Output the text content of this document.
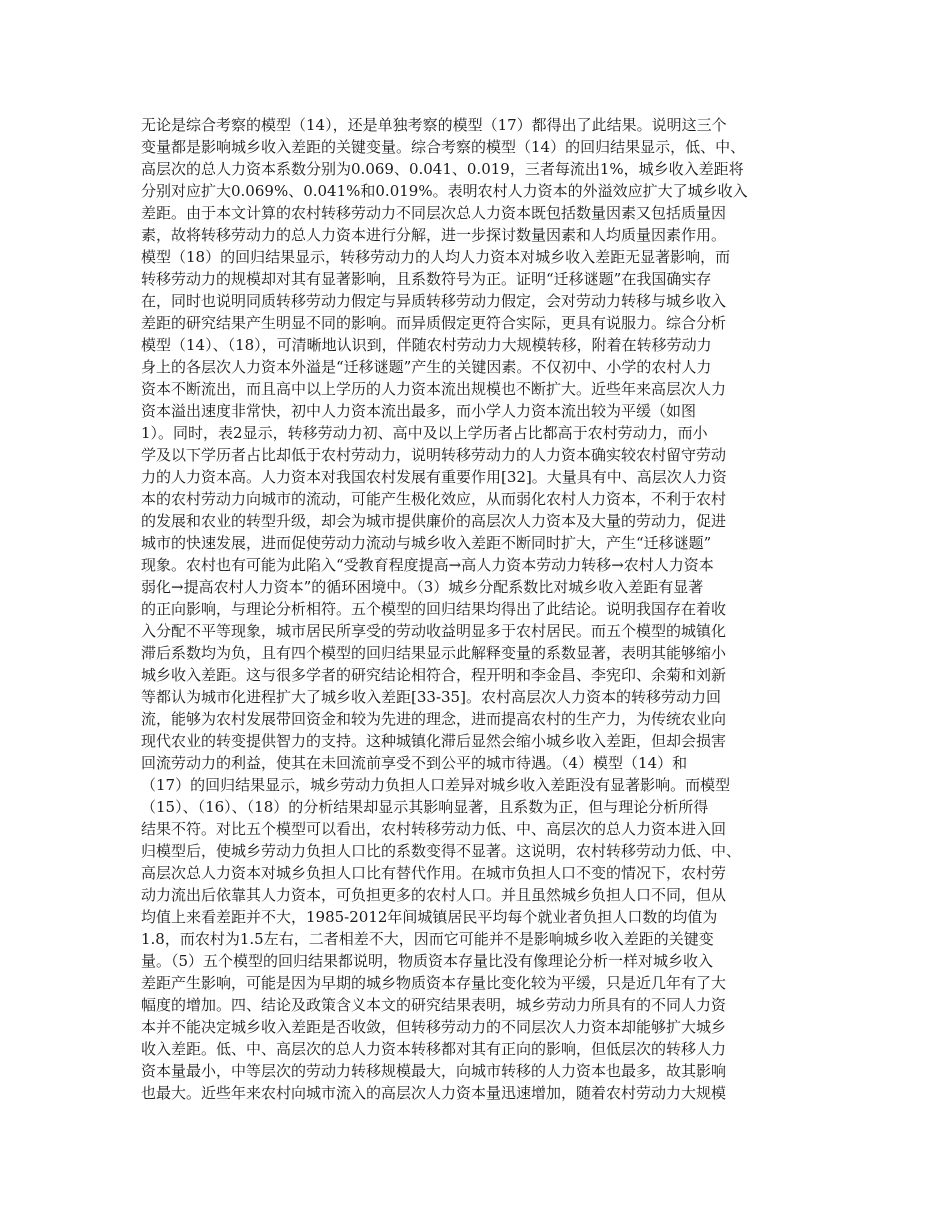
无论是综合考察的模型（14），还是单独考察的模型（17）都得出了此结果。说明这三个
变量都是影响城乡收入差距的关键变量。综合考察的模型（14）的回归结果显示，低、中、
高层次的总人力资本系数分别为0.069、0.041、0.019，三者每流出1%，城乡收入差距将
分别对应扩大0.069%、0.041%和0.019%。表明农村人力资本的外溢效应扩大了城乡收入
差距。由于本文计算的农村转移劳动力不同层次总人力资本既包括数量因素又包括质量因
素，故将转移劳动力的总人力资本进行分解，进一步探讨数量因素和人均质量因素作用。
模型（18）的回归结果显示，转移劳动力的人均人力资本对城乡收入差距无显著影响，而
转移劳动力的规模却对其有显著影响，且系数符号为正。证明“迁移谜题”在我国确实存
在，同时也说明同质转移劳动力假定与异质转移劳动力假定，会对劳动力转移与城乡收入
差距的研究结果产生明显不同的影响。而异质假定更符合实际，更具有说服力。综合分析
模型（14）、（18），可清晰地认识到，伴随农村劳动力大规模转移，附着在转移劳动力
身上的各层次人力资本外溢是“迁移谜题”产生的关键因素。不仅初中、小学的农村人力
资本不断流出，而且高中以上学历的人力资本流出规模也不断扩大。近些年来高层次人力
资本溢出速度非常快，初中人力资本流出最多，而小学人力资本流出较为平缓（如图
1）。同时，表2显示，转移劳动力初、高中及以上学历者占比都高于农村劳动力，而小
学及以下学历者占比却低于农村劳动力，说明转移劳动力的人力资本确实较农村留守劳动
力的人力资本高。人力资本对我国农村发展有重要作用[32]。大量具有中、高层次人力资
本的农村劳动力向城市的流动，可能产生极化效应，从而弱化农村人力资本，不利于农村
的发展和农业的转型升级，却会为城市提供廉价的高层次人力资本及大量的劳动力，促进
城市的快速发展，进而促使劳动力流动与城乡收入差距不断同时扩大，产生“迁移谜题”
现象。农村也有可能为此陷入“受教育程度提高→高人力资本劳动力转移→农村人力资本
弱化→提高农村人力资本”的循环困境中。（3）城乡分配系数比对城乡收入差距有显著
的正向影响，与理论分析相符。五个模型的回归结果均得出了此结论。说明我国存在着收
入分配不平等现象，城市居民所享受的劳动收益明显多于农村居民。而五个模型的城镇化
滞后系数均为负，且有四个模型的回归结果显示此解释变量的系数显著，表明其能够缩小
城乡收入差距。这与很多学者的研究结论相符合，程开明和李金昌、李宪印、余菊和刘新
等都认为城市化进程扩大了城乡收入差距[33-35]。农村高层次人力资本的转移劳动力回
流，能够为农村发展带回资金和较为先进的理念，进而提高农村的生产力，为传统农业向
现代农业的转变提供智力的支持。这种城镇化滞后显然会缩小城乡收入差距，但却会损害
回流劳动力的利益，使其在未回流前享受不到公平的城市待遇。（4）模型（14）和
（17）的回归结果显示，城乡劳动力负担人口差异对城乡收入差距没有显著影响。而模型
（15）、（16）、（18）的分析结果却显示其影响显著，且系数为正，但与理论分析所得
结果不符。对比五个模型可以看出，农村转移劳动力低、中、高层次的总人力资本进入回
归模型后，使城乡劳动力负担人口比的系数变得不显著。这说明，农村转移劳动力低、中、
高层次总人力资本对城乡负担人口比有替代作用。在城市负担人口不变的情况下，农村劳
动力流出后依靠其人力资本，可负担更多的农村人口。并且虽然城乡负担人口不同，但从
均值上来看差距并不大，1985-2012年间城镇居民平均每个就业者负担人口数的均值为
1.8，而农村为1.5左右，二者相差不大，因而它可能并不是影响城乡收入差距的关键变
量。（5）五个模型的回归结果都说明，物质资本存量比没有像理论分析一样对城乡收入
差距产生影响，可能是因为早期的城乡物质资本存量比变化较为平缓，只是近几年有了大
幅度的增加。四、结论及政策含义本文的研究结果表明，城乡劳动力所具有的不同人力资
本并不能决定城乡收入差距是否收敛，但转移劳动力的不同层次人力资本却能够扩大城乡
收入差距。低、中、高层次的总人力资本转移都对其有正向的影响，但低层次的转移人力
资本量最小，中等层次的劳动力转移规模最大，向城市转移的人力资本也最多，故其影响
也最大。近些年来农村向城市流入的高层次人力资本量迅速增加，随着农村劳动力大规模
